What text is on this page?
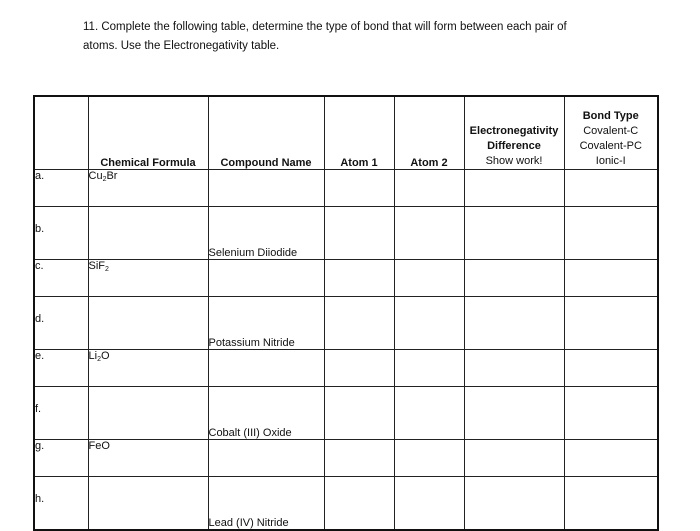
11. Complete the following table, determine the type of bond that will form between each pair of
atoms. Use the Electronegativity table.
	Chemical Formula	Compound Name	Atom 1	Atom 2	Electronegativity
Difference
Show work!	Bond Type
Covalent-C
Covalent-PC
Ionic-I

a.	$Cu_2Br$					
b.		Selenium Diiodide				
c.	SiF$_2$					
d.		Potassium Nitride				
e.	$Li_2O$					
f.		Cobalt (III) Oxide				
g.	FeO					
h.		Lead (IV) Nitride				
